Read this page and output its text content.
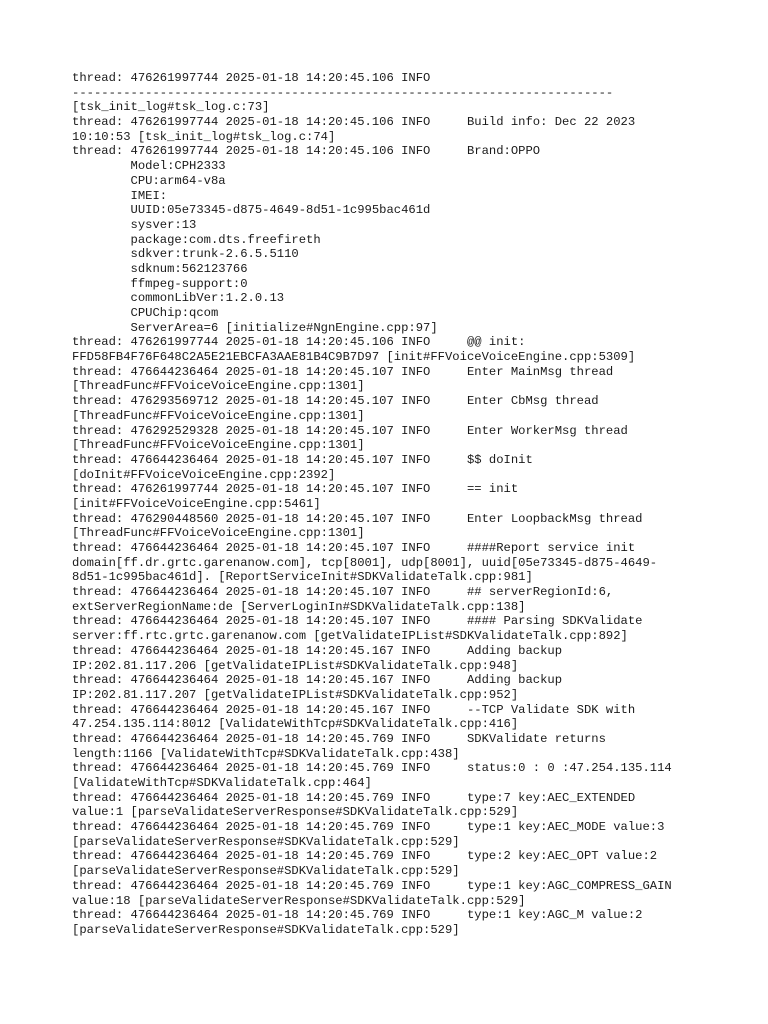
thread: 476261997744 2025-01-18 14:20:45.106 INFO
--------------------------------------------------------------------------
[tsk_init_log#tsk_log.c:73]
thread: 476261997744 2025-01-18 14:20:45.106 INFO     Build info: Dec 22 2023
10:10:53 [tsk_init_log#tsk_log.c:74]
thread: 476261997744 2025-01-18 14:20:45.106 INFO     Brand:OPPO
Model:CPH2333
CPU:arm64-v8a
IMEI:
UUID:05e73345-d875-4649-8d51-1c995bac461d
sysver:13
package:com.dts.freefireth
sdkver:trunk-2.6.5.5110
sdknum:562123766
ffmpeg-support:0
commonLibVer:1.2.0.13
CPUChip:qcom
ServerArea=6 [initialize#NgnEngine.cpp:97]
thread: 476261997744 2025-01-18 14:20:45.106 INFO     @@ init:
FFD58FB4F76F648C2A5E21EBCFA3AAE81B4C9B7D97 [init#FFVoiceVoiceEngine.cpp:5309]
thread: 476644236464 2025-01-18 14:20:45.107 INFO     Enter MainMsg thread
[ThreadFunc#FFVoiceVoiceEngine.cpp:1301]
thread: 476293569712 2025-01-18 14:20:45.107 INFO     Enter CbMsg thread
[ThreadFunc#FFVoiceVoiceEngine.cpp:1301]
thread: 476292529328 2025-01-18 14:20:45.107 INFO     Enter WorkerMsg thread
[ThreadFunc#FFVoiceVoiceEngine.cpp:1301]
thread: 476644236464 2025-01-18 14:20:45.107 INFO     $$ doInit
[doInit#FFVoiceVoiceEngine.cpp:2392]
thread: 476261997744 2025-01-18 14:20:45.107 INFO     == init
[init#FFVoiceVoiceEngine.cpp:5461]
thread: 476290448560 2025-01-18 14:20:45.107 INFO     Enter LoopbackMsg thread
[ThreadFunc#FFVoiceVoiceEngine.cpp:1301]
thread: 476644236464 2025-01-18 14:20:45.107 INFO     ####Report service init
domain[ff.dr.grtc.garenanow.com], tcp[8001], udp[8001], uuid[05e73345-d875-4649-
8d51-1c995bac461d]. [ReportServiceInit#SDKValidateTalk.cpp:981]
thread: 476644236464 2025-01-18 14:20:45.107 INFO     ## serverRegionId:6,
extServerRegionName:de [ServerLoginIn#SDKValidateTalk.cpp:138]
thread: 476644236464 2025-01-18 14:20:45.107 INFO     #### Parsing SDKValidate
server:ff.rtc.grtc.garenanow.com [getValidateIPList#SDKValidateTalk.cpp:892]
thread: 476644236464 2025-01-18 14:20:45.167 INFO     Adding backup
IP:202.81.117.206 [getValidateIPList#SDKValidateTalk.cpp:948]
thread: 476644236464 2025-01-18 14:20:45.167 INFO     Adding backup
IP:202.81.117.207 [getValidateIPList#SDKValidateTalk.cpp:952]
thread: 476644236464 2025-01-18 14:20:45.167 INFO     --TCP Validate SDK with
47.254.135.114:8012 [ValidateWithTcp#SDKValidateTalk.cpp:416]
thread: 476644236464 2025-01-18 14:20:45.769 INFO     SDKValidate returns
length:1166 [ValidateWithTcp#SDKValidateTalk.cpp:438]
thread: 476644236464 2025-01-18 14:20:45.769 INFO     status:0 : 0 :47.254.135.114
[ValidateWithTcp#SDKValidateTalk.cpp:464]
thread: 476644236464 2025-01-18 14:20:45.769 INFO     type:7 key:AEC_EXTENDED
value:1 [parseValidateServerResponse#SDKValidateTalk.cpp:529]
thread: 476644236464 2025-01-18 14:20:45.769 INFO     type:1 key:AEC_MODE value:3
[parseValidateServerResponse#SDKValidateTalk.cpp:529]
thread: 476644236464 2025-01-18 14:20:45.769 INFO     type:2 key:AEC_OPT value:2
[parseValidateServerResponse#SDKValidateTalk.cpp:529]
thread: 476644236464 2025-01-18 14:20:45.769 INFO     type:1 key:AGC_COMPRESS_GAIN
value:18 [parseValidateServerResponse#SDKValidateTalk.cpp:529]
thread: 476644236464 2025-01-18 14:20:45.769 INFO     type:1 key:AGC_M value:2
[parseValidateServerResponse#SDKValidateTalk.cpp:529]
